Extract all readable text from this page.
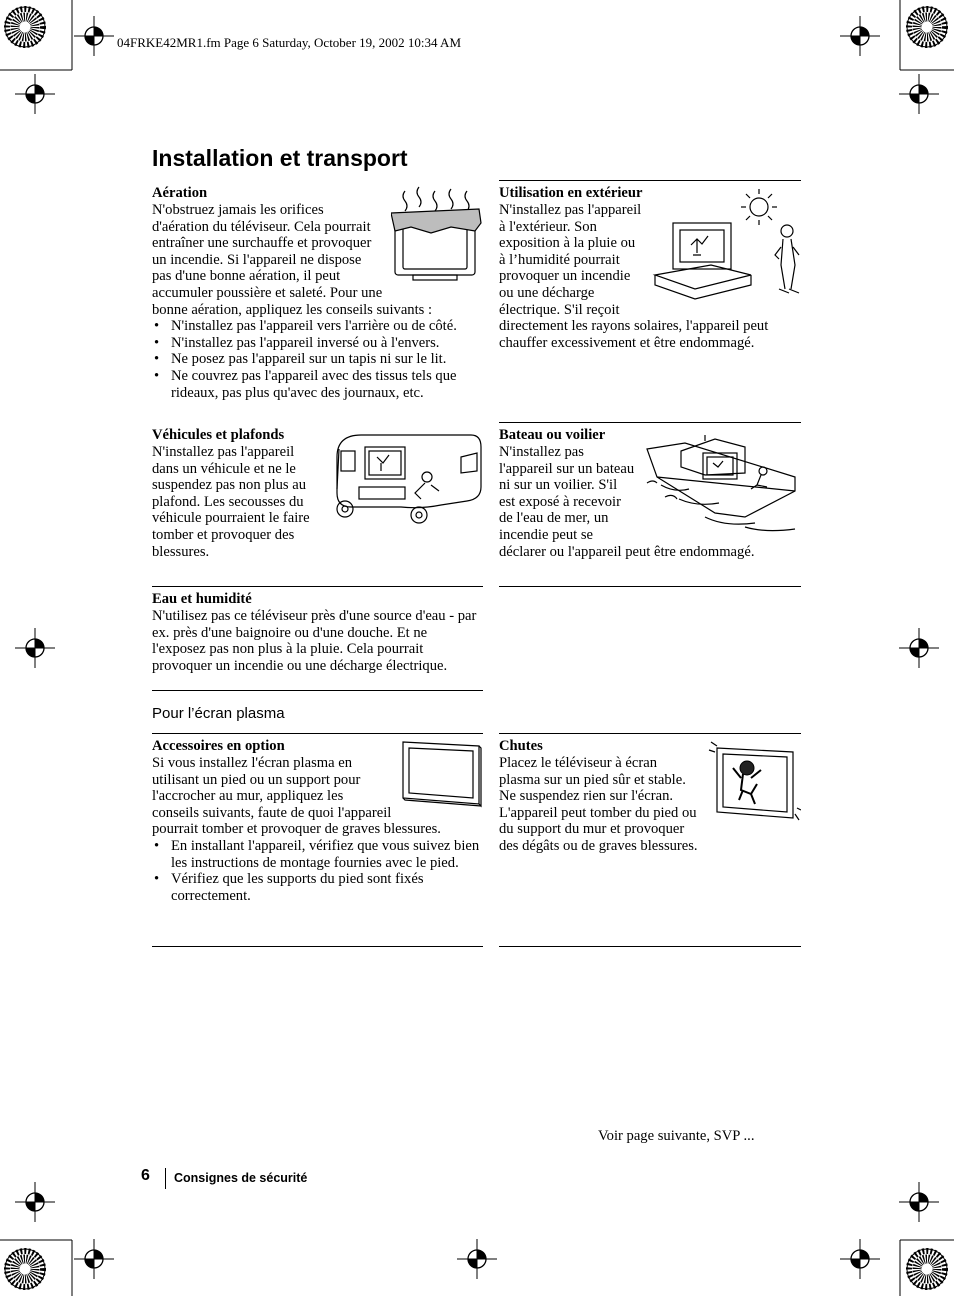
04FRKE42MR1.fm Page 6 Saturday, October 19, 2002 10:34 AM
Installation et transport
Aération

N'obstruez jamais les orifices d'aération du téléviseur. Cela pourrait entraîner une surchauffe et provoquer un incendie. Si l'appareil ne dispose pas d'une bonne aération, il peut accumuler poussière et saleté. Pour une bonne aération, appliquez les conseils suivants :

• N'installez pas l'appareil vers l'arrière ou de côté.
• N'installez pas l'appareil inversé ou à l'envers.
• Ne posez pas l'appareil sur un tapis ni sur le lit.
• Ne couvrez pas l'appareil avec des tissus tels que rideaux, pas plus qu'avec des journaux, etc.
Utilisation en extérieur

N'installez pas l'appareil à l'extérieur. Son exposition à la pluie ou à l’humidité pourrait provoquer un incendie ou une décharge électrique. S'il reçoit directement les rayons solaires, l'appareil peut chauffer excessivement et être endommagé.

Véhicules et plafonds

N'installez pas l'appareil dans un véhicule et ne le suspendez pas non plus au plafond. Les secousses du véhicule pourraient le faire tomber et provoquer des blessures.

Bateau ou voilier

N'installez pas l'appareil sur un bateau ni sur un voilier. S'il est exposé à recevoir de l'eau de mer, un incendie peut se déclarer ou l'appareil peut être endommagé.

Eau et humidité

N'utilisez pas ce téléviseur près d'une source d'eau - par ex. près d'une baignoire ou d'une douche. Et ne l'exposez pas non plus à la pluie. Cela pourrait provoquer un incendie ou une décharge électrique.

Pour l’écran plasma
Accessoires en option

Si vous installez l'écran plasma en utilisant un pied ou un support pour l'accrocher au mur, appliquez les conseils suivants, faute de quoi l'appareil pourrait tomber et provoquer de graves blessures.

• En installant l'appareil, vérifiez que vous suivez bien les instructions de montage fournies avec le pied.
• Vérifiez que les supports du pied sont fixés correctement.
Chutes

Placez le téléviseur à écran plasma sur un pied sûr et stable. Ne suspendez rien sur l'écran. L'appareil peut tomber du pied ou du support du mur et provoquer des dégâts ou de graves blessures.

Voir page suivante, SVP ...
6 Consignes de sécurité
